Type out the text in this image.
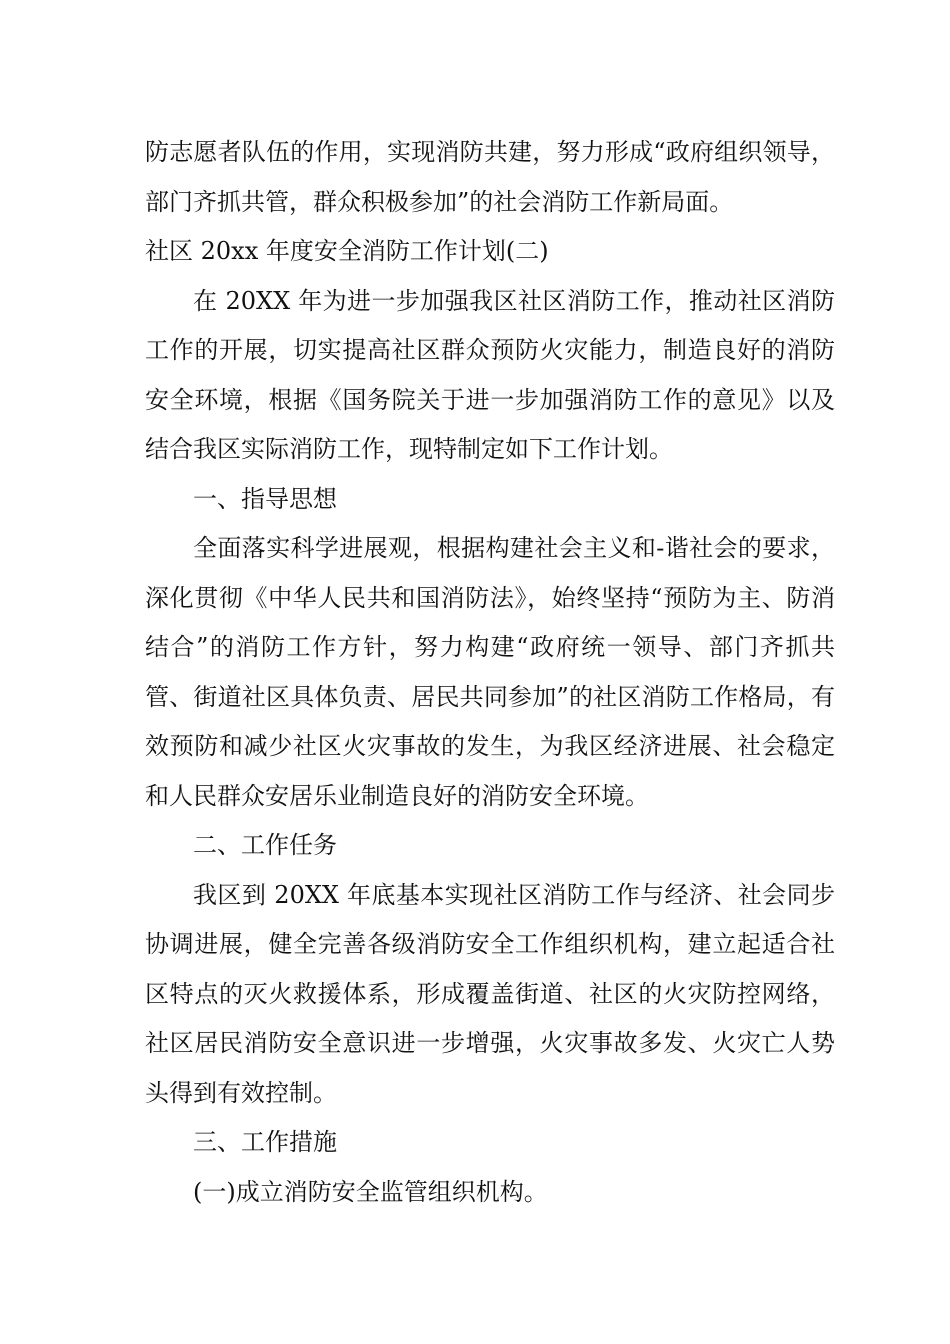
防志愿者队伍的作用，实现消防共建，努力形成“政府组织领导，部门齐抓共管，群众积极参加”的社会消防工作新局面。

社区 20xx 年度安全消防工作计划(二)

在 20XX 年为进一步加强我区社区消防工作，推动社区消防工作的开展，切实提高社区群众预防火灾能力，制造良好的消防安全环境，根据《国务院关于进一步加强消防工作的意见》以及结合我区实际消防工作，现特制定如下工作计划。

一、指导思想

全面落实科学进展观，根据构建社会主义和-谐社会的要求，深化贯彻《中华人民共和国消防法》，始终坚持“预防为主、防消结合”的消防工作方针，努力构建“政府统一领导、部门齐抓共管、街道社区具体负责、居民共同参加”的社区消防工作格局，有效预防和减少社区火灾事故的发生，为我区经济进展、社会稳定和人民群众安居乐业制造良好的消防安全环境。

二、工作任务

我区到 20XX 年底基本实现社区消防工作与经济、社会同步协调进展，健全完善各级消防安全工作组织机构，建立起适合社区特点的灭火救援体系，形成覆盖街道、社区的火灾防控网络，社区居民消防安全意识进一步增强，火灾事故多发、火灾亡人势头得到有效控制。

三、工作措施

(一)成立消防安全监管组织机构。
